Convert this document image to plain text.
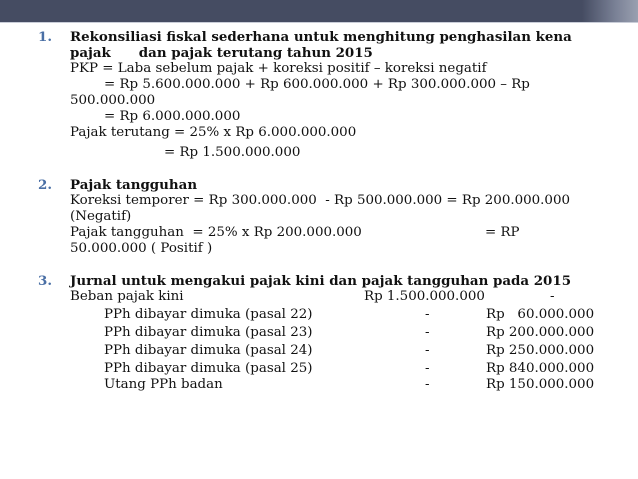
1. Rekonsiliasi fiskal sederhana untuk menghitung penghasilan kena
pajak      dan pajak terutang tahun 2015
PKP = Laba sebelum pajak + koreksi positif – koreksi negatif
= Rp 5.600.000.000 + Rp 600.000.000 + Rp 300.000.000 – Rp
500.000.000
= Rp 6.000.000.000
Pajak terutang = 25% x Rp 6.000.000.000
= Rp 1.500.000.000
2. Pajak tangguhan
Koreksi temporer = Rp 300.000.000  - Rp 500.000.000 = Rp 200.000.000
(Negatif)
Pajak tangguhan  = 25% x Rp 200.000.000	= RP
50.000.000 ( Positif )
3. Jurnal untuk mengakui pajak kini dan pajak tangguhan pada 2015
Beban pajak kini	Rp 1.500.000.000	-
PPh dibayar dimuka (pasal 22)	-	Rp   60.000.000
PPh dibayar dimuka (pasal 23)	-	Rp 200.000.000
PPh dibayar dimuka (pasal 24)	-	Rp 250.000.000
PPh dibayar dimuka (pasal 25)	-	Rp 840.000.000
Utang PPh badan	-	Rp 150.000.000
